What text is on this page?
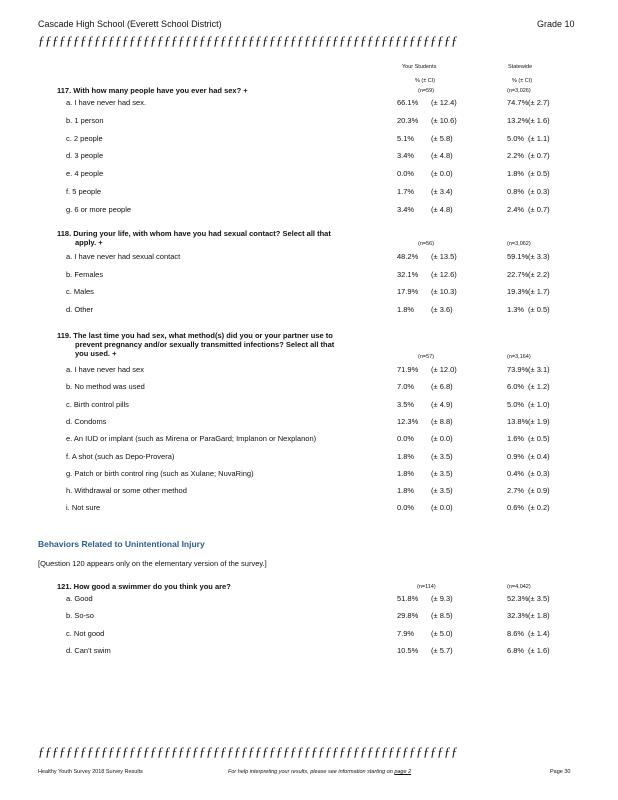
Cascade High School (Everett School District)	Grade 10
ƒƒƒƒƒƒƒƒƒƒƒƒƒƒƒƒƒƒƒƒƒƒƒƒƒƒƒƒƒƒƒƒƒƒƒƒƒƒƒƒƒƒƒƒƒƒƒƒƒƒƒƒƒƒƒƒƒƒƒƒ
Your Students	Statewide
% (± CI)	% (± CI)
117. With how many people have you ever had sex? +	(n=59)	(n=3,026)
a. I have never had sex.	66.1% (± 12.4)	74.7% (± 2.7)
b. 1 person	20.3% (± 10.6)	13.2% (± 1.6)
c. 2 people	5.1% (± 5.8)	5.0% (± 1.1)
d. 3 people	3.4% (± 4.8)	2.2% (± 0.7)
e. 4 people	0.0% (± 0.0)	1.8% (± 0.5)
f. 5 people	1.7% (± 3.4)	0.8% (± 0.3)
g. 6 or more people	3.4% (± 4.8)	2.4% (± 0.7)
118. During your life, with whom have you had sexual contact? Select all that
apply. +	(n=56)	(n=3,062)
a. I have never had sexual contact	48.2% (± 13.5)	59.1% (± 3.3)
b. Females	32.1% (± 12.6)	22.7% (± 2.2)
c. Males	17.9% (± 10.3)	19.3% (± 1.7)
d. Other	1.8% (± 3.6)	1.3% (± 0.5)
119. The last time you had sex, what method(s) did you or your partner use to
prevent pregnancy and/or sexually transmitted infections? Select all that
you used. +	(n=57)	(n=3,164)
a. I have never had sex	71.9% (± 12.0)	73.9% (± 3.1)
b. No method was used	7.0% (± 6.8)	6.0% (± 1.2)
c. Birth control pills	3.5% (± 4.9)	5.0% (± 1.0)
d. Condoms	12.3% (± 8.8)	13.8% (± 1.9)
e. An IUD or implant (such as Mirena or ParaGard; Implanon or Nexplanon)	0.0% (± 0.0)	1.6% (± 0.5)
f. A shot (such as Depo-Provera)	1.8% (± 3.5)	0.9% (± 0.4)
g. Patch or birth control ring (such as Xulane; NuvaRing)	1.8% (± 3.5)	0.4% (± 0.3)
h. Withdrawal or some other method	1.8% (± 3.5)	2.7% (± 0.9)
i. Not sure	0.0% (± 0.0)	0.6% (± 0.2)
Behaviors Related to Unintentional Injury
[Question 120 appears only on the elementary version of the survey.]
121. How good a swimmer do you think you are?	(n=114)	(n=4,042)
a. Good	51.8% (± 9.3)	52.3% (± 3.5)
b. So-so	29.8% (± 8.5)	32.3% (± 1.8)
c. Not good	7.9% (± 5.0)	8.6% (± 1.4)
d. Can't swim	10.5% (± 5.7)	6.8% (± 1.6)
ƒƒƒƒƒƒƒƒƒƒƒƒƒƒƒƒƒƒƒƒƒƒƒƒƒƒƒƒƒƒƒƒƒƒƒƒƒƒƒƒƒƒƒƒƒƒƒƒƒƒƒƒƒƒƒƒƒƒƒƒ
Healthy Youth Survey 2018 Survey Results	For help interpreting your results, please see information starting on page 2	Page 30
